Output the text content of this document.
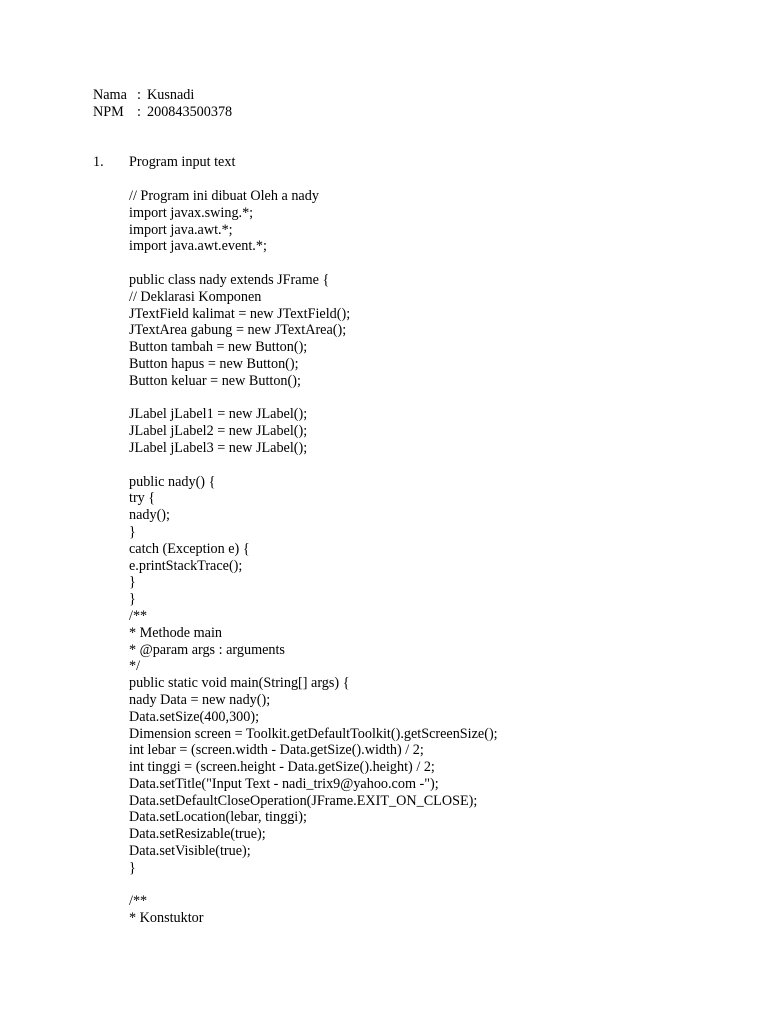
Nama : Kusnadi
NPM : 200843500378
1. Program input text
// Program ini dibuat Oleh a nady
import javax.swing.*;
import java.awt.*;
import java.awt.event.*;

public class nady extends JFrame {
// Deklarasi Komponen
JTextField kalimat = new JTextField();
JTextArea gabung = new JTextArea();
Button tambah = new Button();
Button hapus = new Button();
Button keluar = new Button();

JLabel jLabel1 = new JLabel();
JLabel jLabel2 = new JLabel();
JLabel jLabel3 = new JLabel();

public nady() {
try {
nady();
}
catch (Exception e) {
e.printStackTrace();
}
}
/**
* Methode main
* @param args : arguments
*/
public static void main(String[] args) {
nady Data = new nady();
Data.setSize(400,300);
Dimension screen = Toolkit.getDefaultToolkit().getScreenSize();
int lebar = (screen.width - Data.getSize().width) / 2;
int tinggi = (screen.height - Data.getSize().height) / 2;
Data.setTitle("Input Text - nadi_trix9@yahoo.com -");
Data.setDefaultCloseOperation(JFrame.EXIT_ON_CLOSE);
Data.setLocation(lebar, tinggi);
Data.setResizable(true);
Data.setVisible(true);
}

/**
* Konstuktor
